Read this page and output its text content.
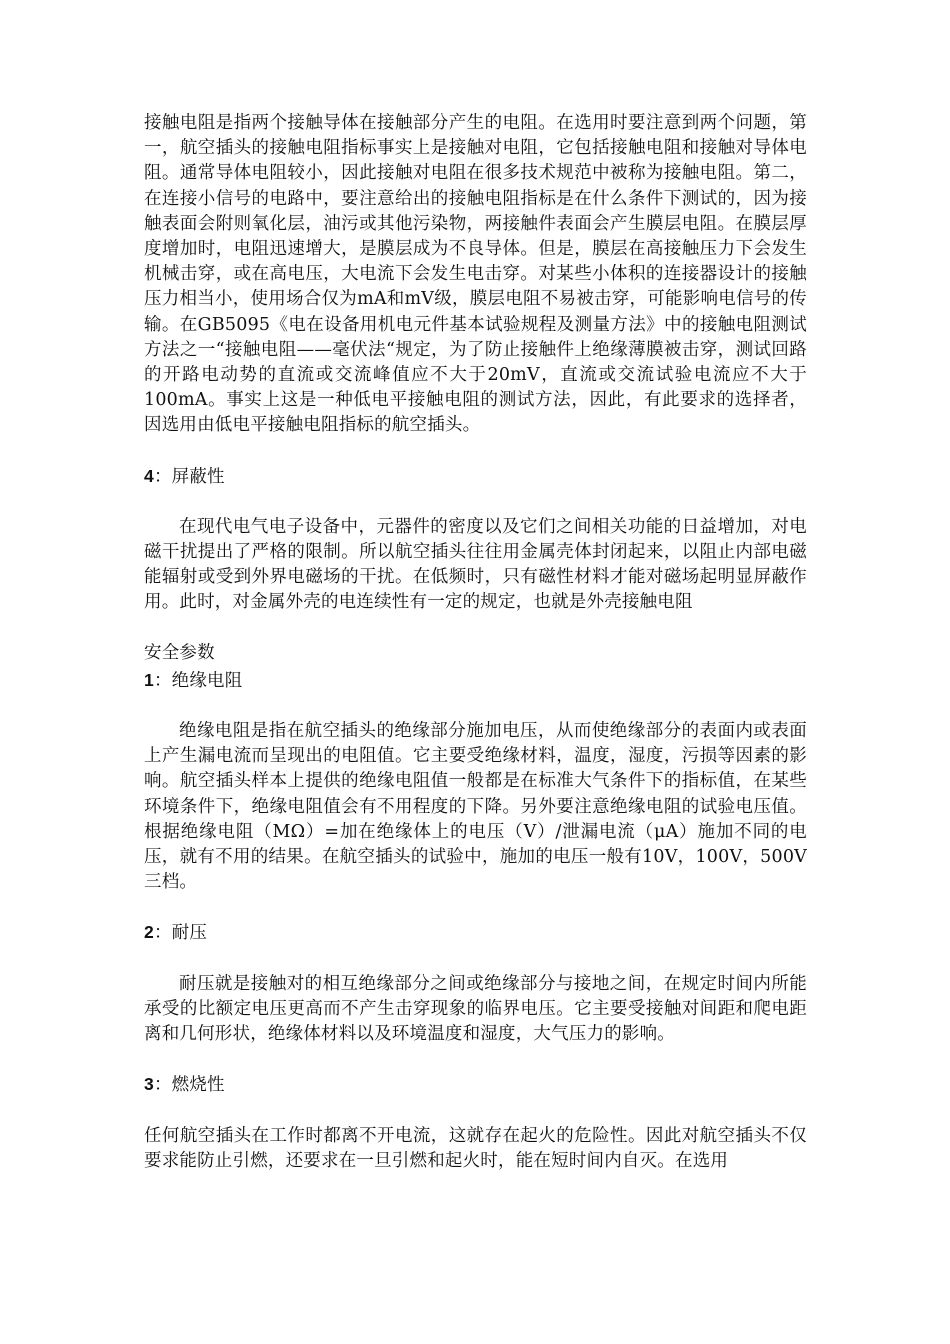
接触电阻是指两个接触导体在接触部分产生的电阻。在选用时要注意到两个问题，第一，航空插头的接触电阻指标事实上是接触对电阻，它包括接触电阻和接触对导体电阻。通常导体电阻较小，因此接触对电阻在很多技术规范中被称为接触电阻。第二，在连接小信号的电路中，要注意给出的接触电阻指标是在什么条件下测试的，因为接触表面会附则氧化层，油污或其他污染物，两接触件表面会产生膜层电阻。在膜层厚度增加时，电阻迅速增大，是膜层成为不良导体。但是，膜层在高接触压力下会发生机械击穿，或在高电压，大电流下会发生电击穿。对某些小体积的连接器设计的接触压力相当小，使用场合仅为mA和mV级，膜层电阻不易被击穿，可能影响电信号的传输。在GB5095《电在设备用机电元件基本试验规程及测量方法》中的接触电阻测试方法之一“接触电阻——毫伏法“规定，为了防止接触件上绝缘薄膜被击穿，测试回路的开路电动势的直流或交流峰值应不大于20mV，直流或交流试验电流应不大于100mA。事实上这是一种低电平接触电阻的测试方法，因此，有此要求的选择者，因选用由低电平接触电阻指标的航空插头。

4：屏蔽性

在现代电气电子设备中，元器件的密度以及它们之间相关功能的日益增加，对电磁干扰提出了严格的限制。所以航空插头往往用金属壳体封闭起来，以阻止内部电磁能辐射或受到外界电磁场的干扰。在低频时，只有磁性材料才能对磁场起明显屏蔽作用。此时，对金属外壳的电连续性有一定的规定，也就是外壳接触电阻

安全参数

1：绝缘电阻

绝缘电阻是指在航空插头的绝缘部分施加电压，从而使绝缘部分的表面内或表面上产生漏电流而呈现出的电阻值。它主要受绝缘材料，温度，湿度，污损等因素的影响。航空插头样本上提供的绝缘电阻值一般都是在标准大气条件下的指标值，在某些环境条件下，绝缘电阻值会有不用程度的下降。另外要注意绝缘电阻的试验电压值。根据绝缘电阻（MΩ）=加在绝缘体上的电压（V）/泄漏电流（μA）施加不同的电压，就有不用的结果。在航空插头的试验中，施加的电压一般有10V，100V，500V三档。

2：耐压

耐压就是接触对的相互绝缘部分之间或绝缘部分与接地之间，在规定时间内所能承受的比额定电压更高而不产生击穿现象的临界电压。它主要受接触对间距和爬电距离和几何形状，绝缘体材料以及环境温度和湿度，大气压力的影响。

3：燃烧性

任何航空插头在工作时都离不开电流，这就存在起火的危险性。因此对航空插头不仅要求能防止引燃，还要求在一旦引燃和起火时，能在短时间内自灭。在选用
